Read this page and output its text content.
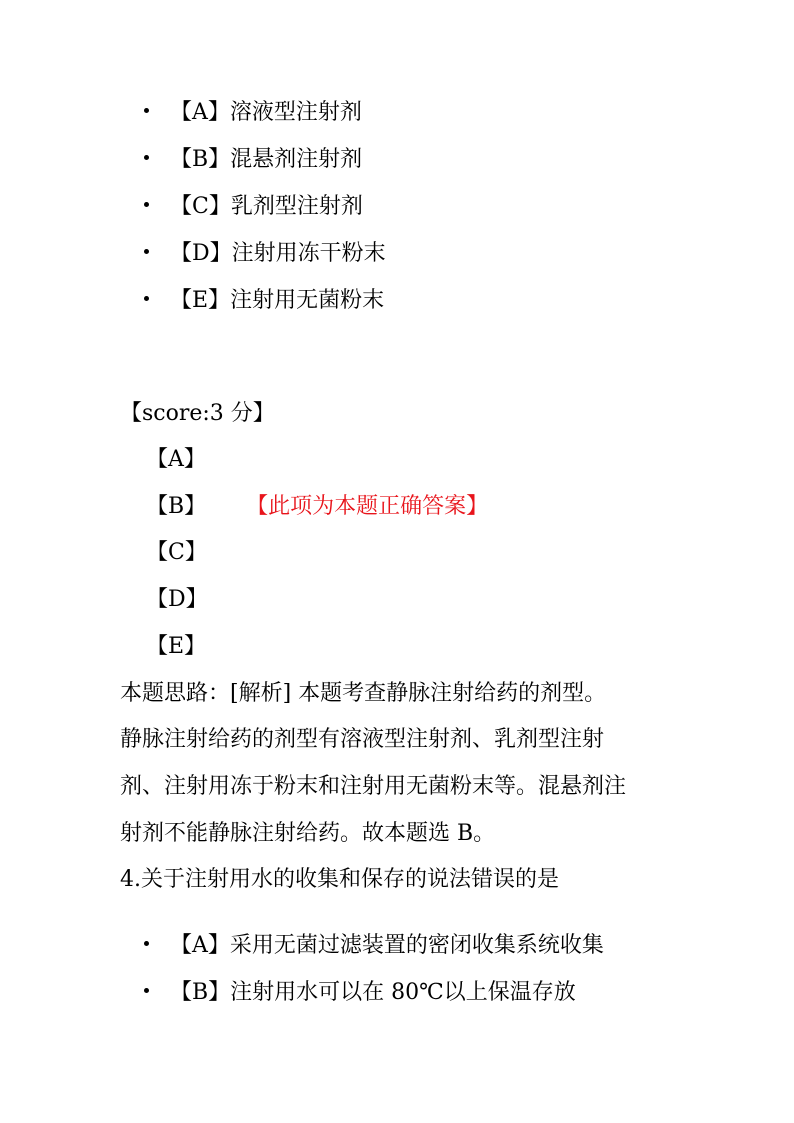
【A】溶液型注射剂
【B】混悬剂注射剂
【C】乳剂型注射剂
【D】注射用冻干粉末
【E】注射用无菌粉末
【score:3 分】
【A】
【B】 【此项为本题正确答案】
【C】
【D】
【E】
本题思路：[解析] 本题考查静脉注射给药的剂型。
静脉注射给药的剂型有溶液型注射剂、乳剂型注射
剂、注射用冻于粉末和注射用无菌粉末等。混悬剂注
射剂不能静脉注射给药。故本题选 B。
4.关于注射用水的收集和保存的说法错误的是
【A】采用无菌过滤装置的密闭收集系统收集
【B】注射用水可以在 80℃以上保温存放
